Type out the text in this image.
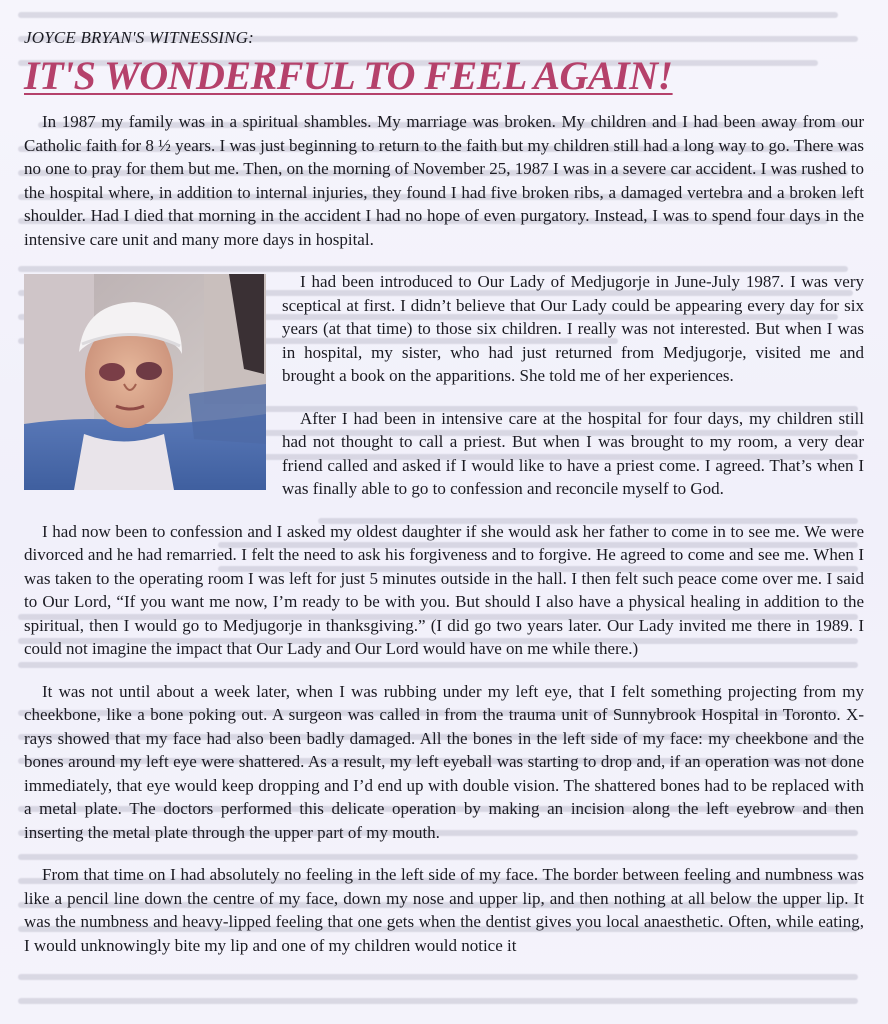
JOYCE BRYAN'S WITNESSING:
IT'S WONDERFUL TO FEEL AGAIN!

In 1987 my family was in a spiritual shambles. My marriage was broken. My children and I had been away from our Catholic faith for 8 ½ years. I was just beginning to return to the faith but my children still had a long way to go. There was no one to pray for them but me. Then, on the morning of November 25, 1987 I was in a severe car accident. I was rushed to the hospital where, in addition to internal injuries, they found I had five broken ribs, a damaged vertebra and a broken left shoulder. Had I died that morning in the accident I had no hope of even purgatory. Instead, I was to spend four days in the intensive care unit and many more days in hospital.

I had been introduced to Our Lady of Medjugorje in June-July 1987. I was very sceptical at first. I didn’t believe that Our Lady could be appearing every day for six years (at that time) to those six children. I really was not interested. But when I was in hospital, my sister, who had just returned from Medjugorje, visited me and brought a book on the apparitions. She told me of her experiences.

After I had been in intensive care at the hospital for four days, my children still had not thought to call a priest. But when I was brought to my room, a very dear friend called and asked if I would like to have a priest come. I agreed. That’s when I was finally able to go to confession and reconcile myself to God.

I had now been to confession and I asked my oldest daughter if she would ask her father to come in to see me. We were divorced and he had remarried. I felt the need to ask his forgiveness and to forgive. He agreed to come and see me. When I was taken to the operating room I was left for just 5 minutes outside in the hall. I then felt such peace come over me. I said to Our Lord, “If you want me now, I’m ready to be with you. But should I also have a physical healing in addition to the spiritual, then I would go to Medjugorje in thanksgiving.” (I did go two years later. Our Lady invited me there in 1989. I could not imagine the impact that Our Lady and Our Lord would have on me while there.)

It was not until about a week later, when I was rubbing under my left eye, that I felt something projecting from my cheekbone, like a bone poking out. A surgeon was called in from the trauma unit of Sunnybrook Hospital in Toronto. X-rays showed that my face had also been badly damaged. All the bones in the left side of my face: my cheekbone and the bones around my left eye were shattered. As a result, my left eyeball was starting to drop and, if an operation was not done immediately, that eye would keep dropping and I’d end up with double vision. The shattered bones had to be replaced with a metal plate. The doctors performed this delicate operation by making an incision along the left eyebrow and then inserting the metal plate through the upper part of my mouth.

From that time on I had absolutely no feeling in the left side of my face. The border between feeling and numbness was like a pencil line down the centre of my face, down my nose and upper lip, and then nothing at all below the upper lip. It was the numbness and heavy-lipped feeling that one gets when the dentist gives you local anaesthetic. Often, while eating, I would unknowingly bite my lip and one of my children would notice it
